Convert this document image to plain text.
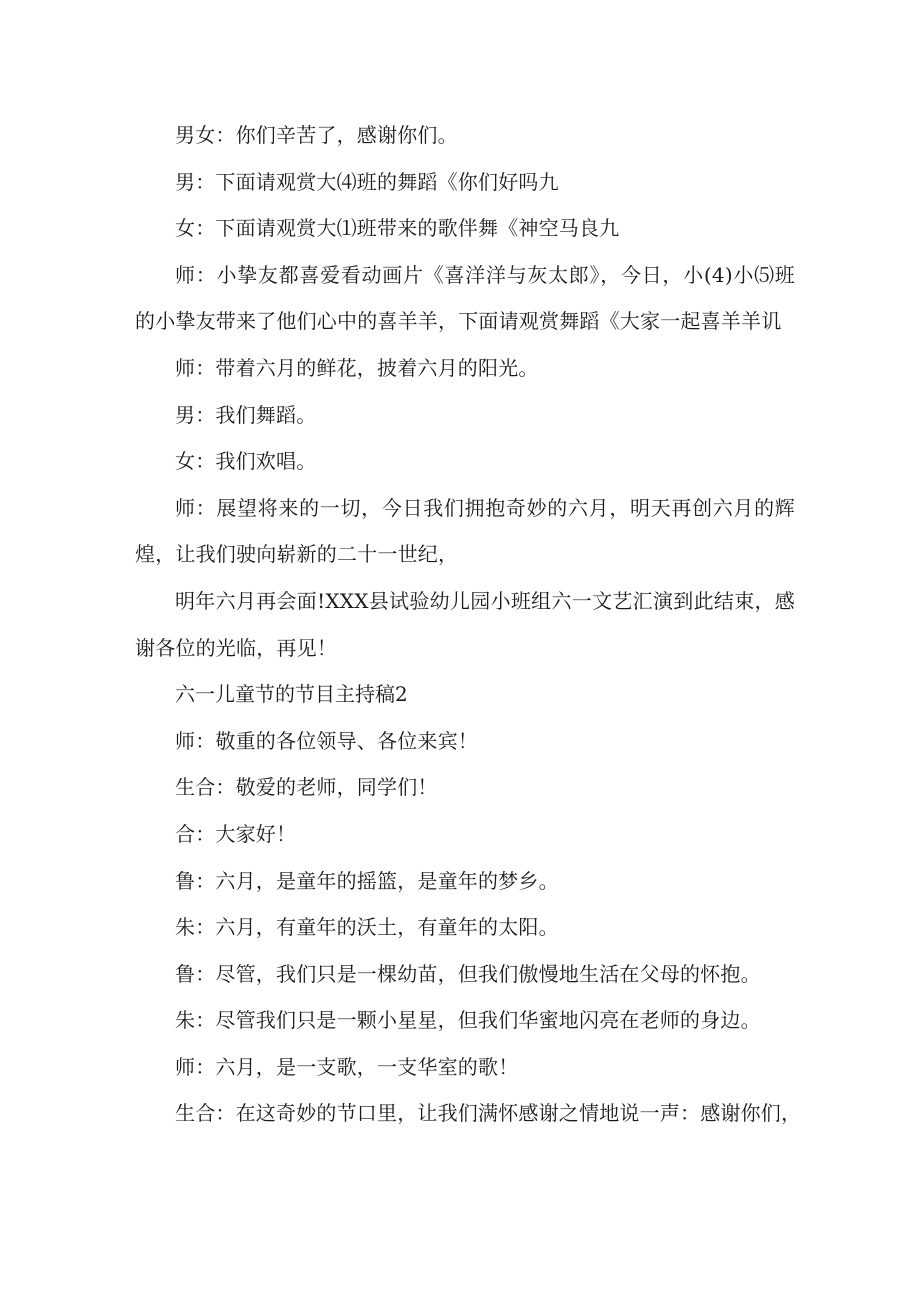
男女：你们辛苦了，感谢你们。

男：下面请观赏大⑷班的舞蹈《你们好吗九

女：下面请观赏大⑴班带来的歌伴舞《神空马良九

师：小挚友都喜爱看动画片《喜洋洋与灰太郎》，今日，小(4)小⑸班的小挚友带来了他们心中的喜羊羊，下面请观赏舞蹈《大家一起喜羊羊讥

师：带着六月的鲜花，披着六月的阳光。

男：我们舞蹈。

女：我们欢唱。

师：展望将来的一切，今日我们拥抱奇妙的六月，明天再创六月的辉煌，让我们驶向崭新的二十一世纪，

明年六月再会面!XXX县试验幼儿园小班组六一文艺汇演到此结束，感谢各位的光临，再见！

六一儿童节的节目主持稿2

师：敬重的各位领导、各位来宾！

生合：敬爱的老师，同学们！

合：大家好！

鲁：六月，是童年的摇篮，是童年的梦乡。

朱：六月，有童年的沃土，有童年的太阳。

鲁：尽管，我们只是一棵幼苗，但我们傲慢地生活在父母的怀抱。

朱：尽管我们只是一颗小星星，但我们华蜜地闪亮在老师的身边。

师：六月，是一支歌，一支华室的歌！

生合：在这奇妙的节口里，让我们满怀感谢之情地说一声：感谢你们，
